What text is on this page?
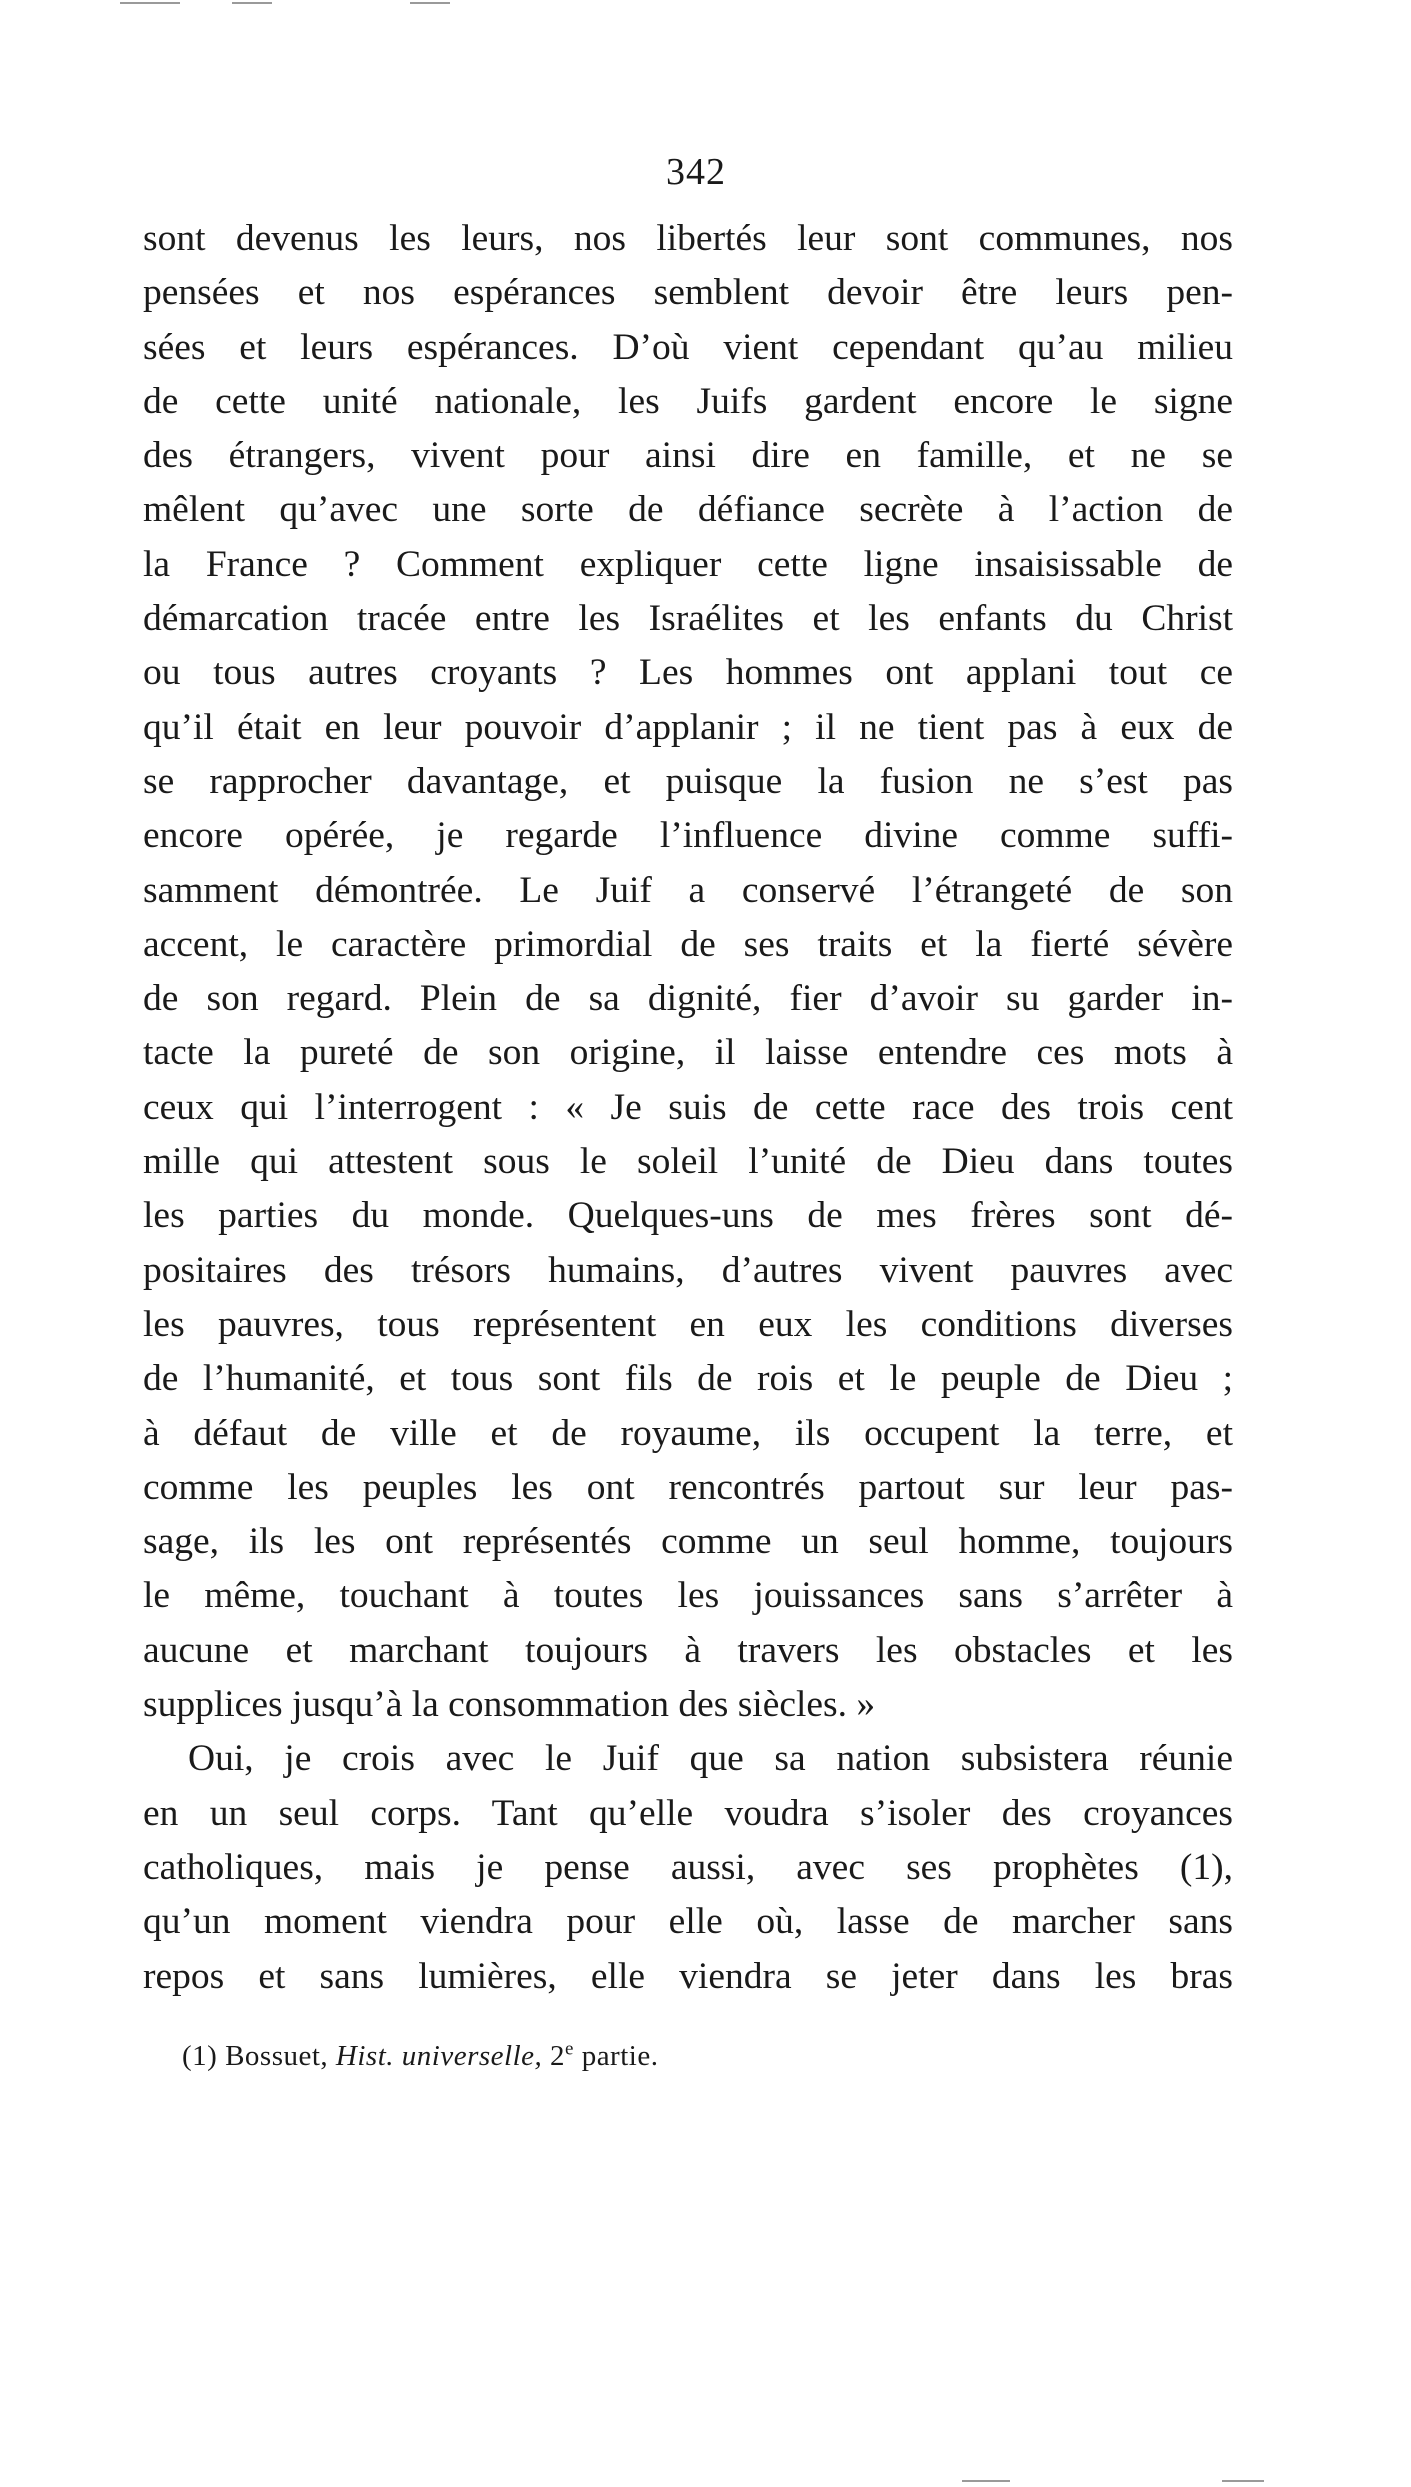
342
sont devenus les leurs, nos libertés leur sont communes, nos
pensées et nos espérances semblent devoir être leurs pen-
sées et leurs espérances. D’où vient cependant qu’au milieu
de cette unité nationale, les Juifs gardent encore le signe
des étrangers, vivent pour ainsi dire en famille, et ne se
mêlent qu’avec une sorte de défiance secrète à l’action de
la France ? Comment expliquer cette ligne insaisissable de
démarcation tracée entre les Israélites et les enfants du Christ
ou tous autres croyants ? Les hommes ont applani tout ce
qu’il était en leur pouvoir d’applanir ; il ne tient pas à eux de
se rapprocher davantage, et puisque la fusion ne s’est pas
encore opérée, je regarde l’influence divine comme suffi-
samment démontrée. Le Juif a conservé l’étrangeté de son
accent, le caractère primordial de ses traits et la fierté sévère
de son regard. Plein de sa dignité, fier d’avoir su garder in-
tacte la pureté de son origine, il laisse entendre ces mots à
ceux qui l’interrogent : « Je suis de cette race des trois cent
mille qui attestent sous le soleil l’unité de Dieu dans toutes
les parties du monde. Quelques-uns de mes frères sont dé-
positaires des trésors humains, d’autres vivent pauvres avec
les pauvres, tous représentent en eux les conditions diverses
de l’humanité, et tous sont fils de rois et le peuple de Dieu ;
à défaut de ville et de royaume, ils occupent la terre, et
comme les peuples les ont rencontrés partout sur leur pas-
sage, ils les ont représentés comme un seul homme, toujours
le même, touchant à toutes les jouissances sans s’arrêter à
aucune et marchant toujours à travers les obstacles et les
supplices jusqu’à la consommation des siècles. »
Oui, je crois avec le Juif que sa nation subsistera réunie
en un seul corps. Tant qu’elle voudra s’isoler des croyances
catholiques, mais je pense aussi, avec ses prophètes (1),
qu’un moment viendra pour elle où, lasse de marcher sans
repos et sans lumières, elle viendra se jeter dans les bras
(1) Bossuet, Hist. universelle, 2e partie.
